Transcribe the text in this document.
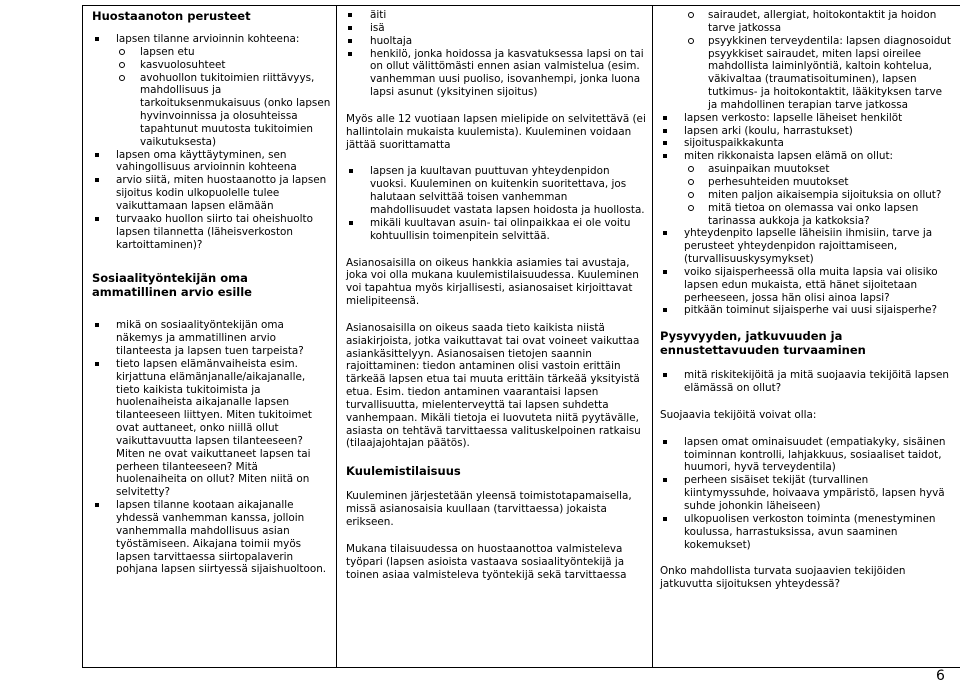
Huostaanoton perusteet
lapsen tilanne arvioinnin kohteena:
lapsen etu
kasvuolosuhteet
avohuollon tukitoimien riittävyys, mahdollisuus ja tarkoituksenmukaisuus (onko lapsen hyvinvoinnissa ja olosuhteissa tapahtunut muutosta tukitoimien vaikutuksesta)
lapsen oma käyttäytyminen, sen vahingollisuus arvioinnin kohteena
arvio siitä, miten huostaanotto ja lapsen sijoitus kodin ulkopuolelle tulee vaikuttamaan lapsen elämään
turvaako huollon siirto tai oheishuolto lapsen tilannetta (läheisverkoston kartoittaminen)?
Sosiaalityöntekijän oma ammatillinen arvio esille
mikä on sosiaalityöntekijän oma näkemys ja ammatillinen arvio tilanteesta ja lapsen tuen tarpeista?
tieto lapsen elämänvaiheista esim. kirjattuna elämänjanalle/aikajanalle, tieto kaikista tukitoimista ja huolenaiheista aikajanalle lapsen tilanteeseen liittyen. Miten tukitoimet ovat auttaneet, onko niillä ollut vaikuttavuutta lapsen tilanteeseen? Miten ne ovat vaikuttaneet lapsen tai perheen tilanteeseen? Mitä huolenaiheita on ollut? Miten niitä on selvitetty?
lapsen tilanne kootaan aikajanalle yhdessä vanhemman kanssa, jolloin vanhemmalla mahdollisuus asian työstämiseen. Aikajana toimii myös lapsen tarvittaessa siirtopalaverin pohjana lapsen siirtyessä sijaishuoltoon.
äiti
isä
huoltaja
henkilö, jonka hoidossa ja kasvatuksessa lapsi on tai on ollut välittömästi ennen asian valmistelua (esim. vanhemman uusi puoliso, isovanhempi, jonka luona lapsi asunut (yksityinen sijoitus)

Myös alle 12 vuotiaan lapsen mielipide on selvitettävä (ei hallintolain mukaista kuulemista). Kuuleminen voidaan jättää suorittamatta

lapsen ja kuultavan puuttuvan yhteydenpidon vuoksi. Kuuleminen on kuitenkin suoritettava, jos halutaan selvittää toisen vanhemman mahdollisuudet vastata lapsen hoidosta ja huollosta.
mikäli kuultavan asuin- tai olinpaikkaa ei ole voitu kohtuullisin toimenpitein selvittää.

Asianosaisilla on oikeus hankkia asiamies tai avustaja, joka voi olla mukana kuulemistilaisuudessa. Kuuleminen voi tapahtua myös kirjallisesti, asianosaiset kirjoittavat mielipiteensä.

Asianosaisilla on oikeus saada tieto kaikista niistä asiakirjoista, jotka vaikuttavat tai ovat voineet vaikuttaa asiankäsittelyyn. Asianosaisen tietojen saannin rajoittaminen: tiedon antaminen olisi vastoin erittäin tärkeää lapsen etua tai muuta erittäin tärkeää yksityistä etua. Esim. tiedon antaminen vaarantaisi lapsen turvallisuutta, mielenterveyttä tai lapsen suhdetta vanhempaan. Mikäli tietoja ei luovuteta niitä pyytävälle, asiasta on tehtävä tarvittaessa valituskelpoinen ratkaisu (tilaajajohtajan päätös).

Kuulemistilaisuus

Kuuleminen järjestetään yleensä toimistotapamaisella, missä asianosaisia kuullaan (tarvittaessa) jokaista erikseen.

Mukana tilaisuudessa on huostaanottoa valmisteleva työpari (lapsen asioista vastaava sosiaalityöntekijä ja toinen asiaa valmisteleva työntekijä sekä tarvittaessa

sairaudet, allergiat, hoitokontaktit ja hoidon tarve jatkossa
psyykkinen terveydentila: lapsen diagnosoidut psyykkiset sairaudet, miten lapsi oireilee mahdollista laiminlyöntiä, kaltoin kohtelua, väkivaltaa (traumatisoituminen), lapsen tutkimus- ja hoitokontaktit, lääkityksen tarve ja mahdollinen terapian tarve jatkossa
lapsen verkosto: lapselle läheiset henkilöt
lapsen arki (koulu, harrastukset)
sijoituspaikkakunta
miten rikkonaista lapsen elämä on ollut:
asuinpaikan muutokset
perhesuhteiden muutokset
miten paljon aikaisempia sijoituksia on ollut?
mitä tietoa on olemassa vai onko lapsen tarinassa aukkoja ja katkoksia?
yhteydenpito lapselle läheisiin ihmisiin, tarve ja perusteet yhteydenpidon rajoittamiseen, (turvallisuuskysymykset)
voiko sijaisperheessä olla muita lapsia vai olisiko lapsen edun mukaista, että hänet sijoitetaan perheeseen, jossa hän olisi ainoa lapsi?
pitkään toiminut sijaisperhe vai uusi sijaisperhe?
Pysyvyyden, jatkuvuuden ja ennustettavuuden turvaaminen
mitä riskitekijöitä ja mitä suojaavia tekijöitä lapsen elämässä on ollut?

Suojaavia tekijöitä voivat olla:

lapsen omat ominaisuudet (empatiakyky, sisäinen toiminnan kontrolli, lahjakkuus, sosiaaliset taidot, huumori, hyvä terveydentila)
perheen sisäiset tekijät (turvallinen kiintymyssuhde, hoivaava ympäristö, lapsen hyvä suhde johonkin läheiseen)
ulkopuolisen verkoston toiminta (menestyminen koulussa, harrastuksissa, avun saaminen kokemukset)

Onko mahdollista turvata suojaavien tekijöiden jatkuvutta sijoituksen yhteydessä?

6
